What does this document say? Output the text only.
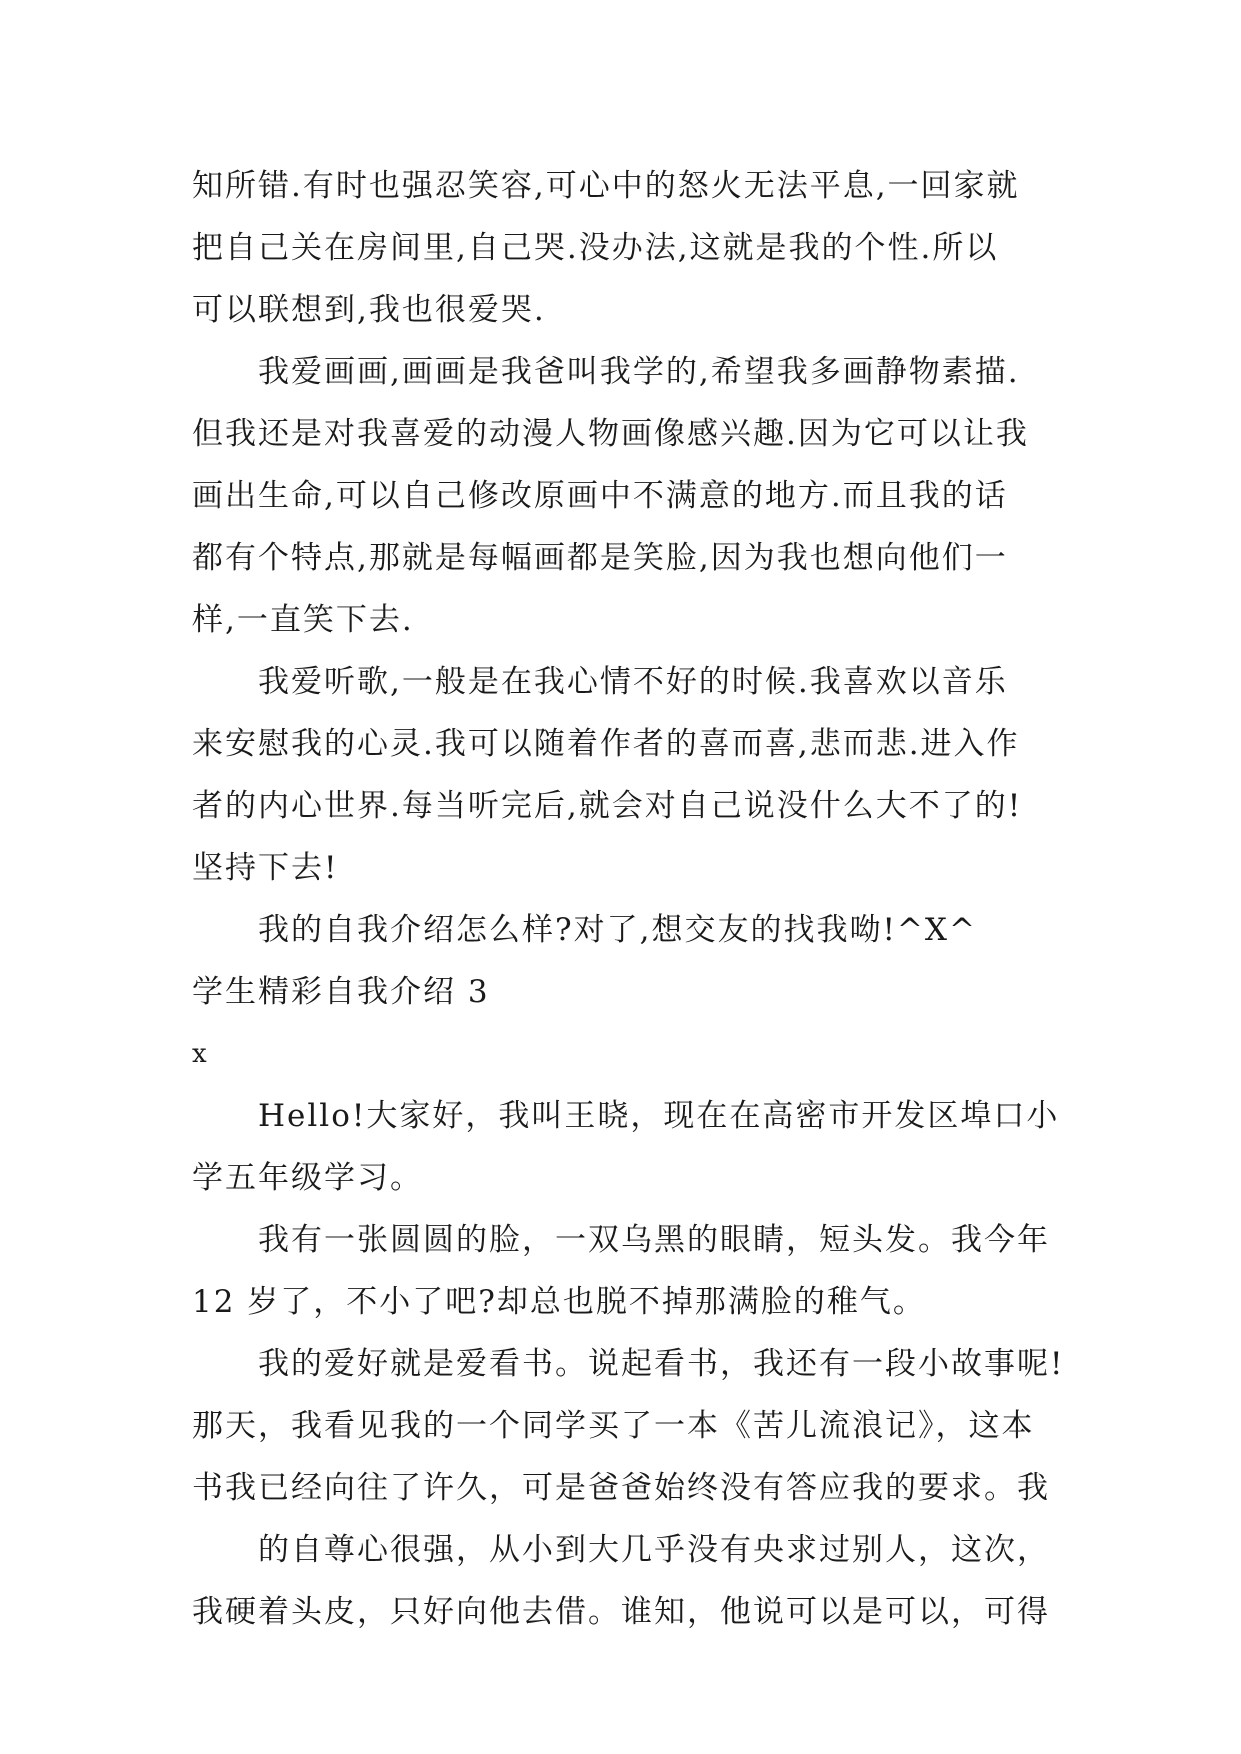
知所错.有时也强忍笑容,可心中的怒火无法平息,一回家就
把自己关在房间里,自己哭.没办法,这就是我的个性.所以
可以联想到,我也很爱哭.
我爱画画,画画是我爸叫我学的,希望我多画静物素描.
但我还是对我喜爱的动漫人物画像感兴趣.因为它可以让我
画出生命,可以自己修改原画中不满意的地方.而且我的话
都有个特点,那就是每幅画都是笑脸,因为我也想向他们一
样,一直笑下去.
我爱听歌,一般是在我心情不好的时候.我喜欢以音乐
来安慰我的心灵.我可以随着作者的喜而喜,悲而悲.进入作
者的内心世界.每当听完后,就会对自己说没什么大不了的!
坚持下去!
我的自我介绍怎么样?对了,想交友的找我呦!^X^
学生精彩自我介绍 3
x
Hello!大家好，我叫王晓，现在在高密市开发区埠口小
学五年级学习。
我有一张圆圆的脸，一双乌黑的眼睛，短头发。我今年
12 岁了，不小了吧?却总也脱不掉那满脸的稚气。
我的爱好就是爱看书。说起看书，我还有一段小故事呢!
那天，我看见我的一个同学买了一本《苦儿流浪记》，这本
书我已经向往了许久，可是爸爸始终没有答应我的要求。我
的自尊心很强，从小到大几乎没有央求过别人，这次，
我硬着头皮，只好向他去借。谁知，他说可以是可以，可得
